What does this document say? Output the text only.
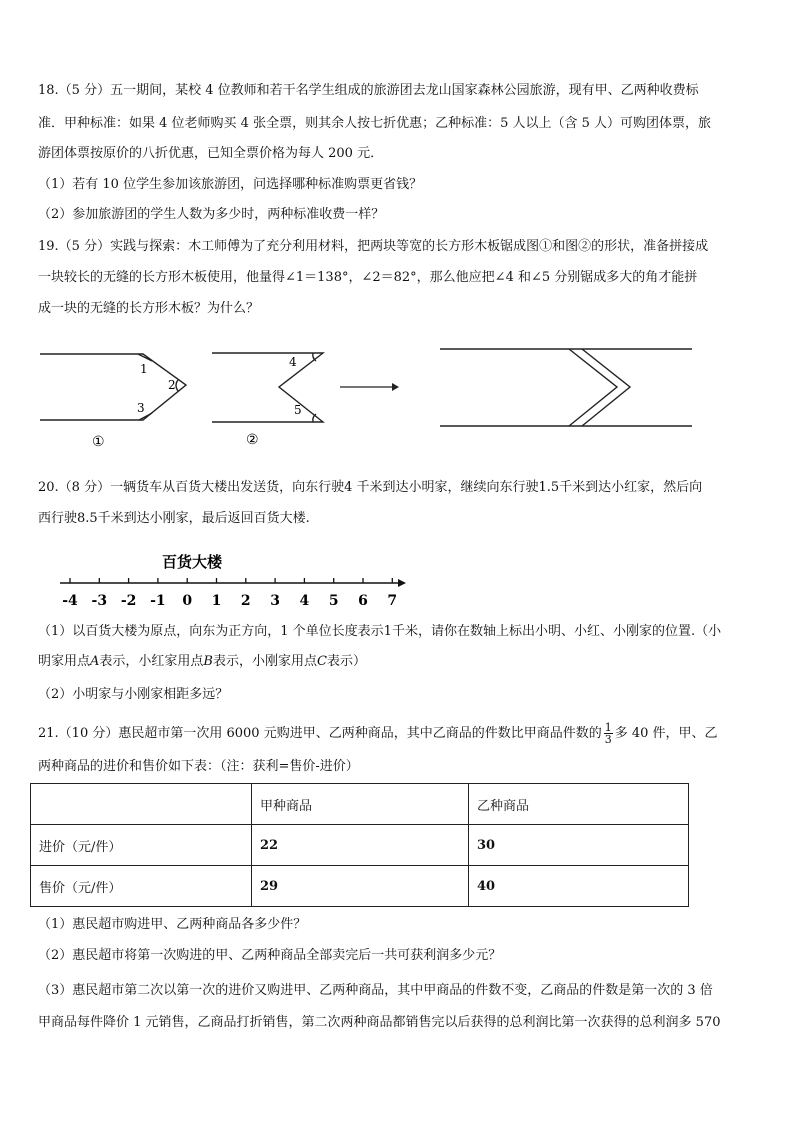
18.（5 分）五一期间，某校 4 位教师和若干名学生组成的旅游团去龙山国家森林公园旅游，现有甲、乙两种收费标
准．甲种标准：如果 4 位老师购买 4 张全票，则其余人按七折优惠；乙种标准：5 人以上（含 5 人）可购团体票，旅
游团体票按原价的八折优惠，已知全票价格为每人 200 元．
（1）若有 10 位学生参加该旅游团，问选择哪种标准购票更省钱？
（2）参加旅游团的学生人数为多少时，两种标准收费一样？
19.（5 分）实践与探索：木工师傅为了充分利用材料，把两块等宽的长方形木板锯成图①和图②的形状，准备拼接成
一块较长的无缝的长方形木板使用，他量得∠1＝138°，∠2＝82°，那么他应把∠4 和∠5 分别锯成多大的角才能拼
成一块的无缝的长方形木板？为什么？
1
2
3
①
4
5
②
20.（8 分）一辆货车从百货大楼出发送货，向东行驶4 千米到达小明家，继续向东行驶1.5千米到达小红家，然后向
西行驶8.5千米到达小刚家，最后返回百货大楼.
百货大楼
-4 -3 -2 -1 0 1 2 3 4 5 6 7
（1）以百货大楼为原点，向东为正方向，1 个单位长度表示1千米，请你在数轴上标出小明、小红、小刚家的位置.（小
明家用点A表示，小红家用点B表示，小刚家用点C表示）
（2）小明家与小刚家相距多远？
21.（10 分）惠民超市第一次用 6000 元购进甲、乙两种商品，其中乙商品的件数比甲商品件数的 $\frac{1}{3}$ 多 40 件，甲、乙
两种商品的进价和售价如下表：（注：获利=售价-进价）
	甲种商品	乙种商品
进价（元/件）	22	30
售价（元/件）	29	40
（1）惠民超市购进甲、乙两种商品各多少件？
（2）惠民超市将第一次购进的甲、乙两种商品全部卖完后一共可获利润多少元？
（3）惠民超市第二次以第一次的进价又购进甲、乙两种商品，其中甲商品的件数不变，乙商品的件数是第一次的 3 倍
甲商品每件降价 1 元销售，乙商品打折销售，第二次两种商品都销售完以后获得的总利润比第一次获得的总利润多 570
